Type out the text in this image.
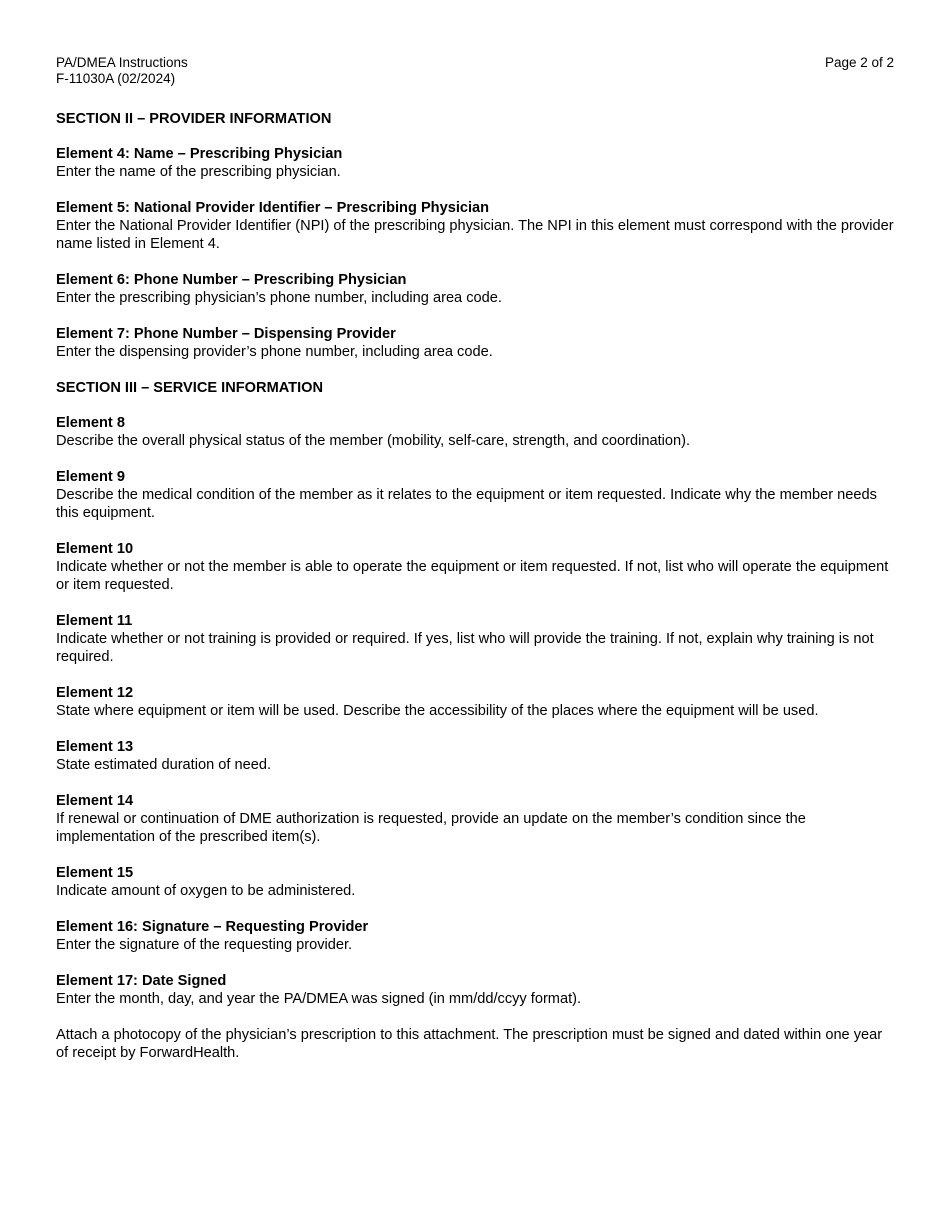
PA/DMEA Instructions
F-11030A (02/2024)
Page 2 of 2

SECTION II – PROVIDER INFORMATION

Element 4: Name – Prescribing Physician
Enter the name of the prescribing physician.
Element 5: National Provider Identifier – Prescribing Physician
Enter the National Provider Identifier (NPI) of the prescribing physician. The NPI in this element must correspond with the provider name listed in Element 4.
Element 6: Phone Number – Prescribing Physician
Enter the prescribing physician’s phone number, including area code.
Element 7: Phone Number – Dispensing Provider
Enter the dispensing provider’s phone number, including area code.

SECTION III – SERVICE INFORMATION

Element 8
Describe the overall physical status of the member (mobility, self-care, strength, and coordination).
Element 9
Describe the medical condition of the member as it relates to the equipment or item requested. Indicate why the member needs this equipment.
Element 10
Indicate whether or not the member is able to operate the equipment or item requested. If not, list who will operate the equipment or item requested.
Element 11
Indicate whether or not training is provided or required. If yes, list who will provide the training. If not, explain why training is not required.
Element 12
State where equipment or item will be used. Describe the accessibility of the places where the equipment will be used.
Element 13
State estimated duration of need.
Element 14
If renewal or continuation of DME authorization is requested, provide an update on the member’s condition since the implementation of the prescribed item(s).
Element 15
Indicate amount of oxygen to be administered.
Element 16: Signature – Requesting Provider
Enter the signature of the requesting provider.
Element 17: Date Signed
Enter the month, day, and year the PA/DMEA was signed (in mm/dd/ccyy format).

Attach a photocopy of the physician’s prescription to this attachment. The prescription must be signed and dated within one year of receipt by ForwardHealth.
